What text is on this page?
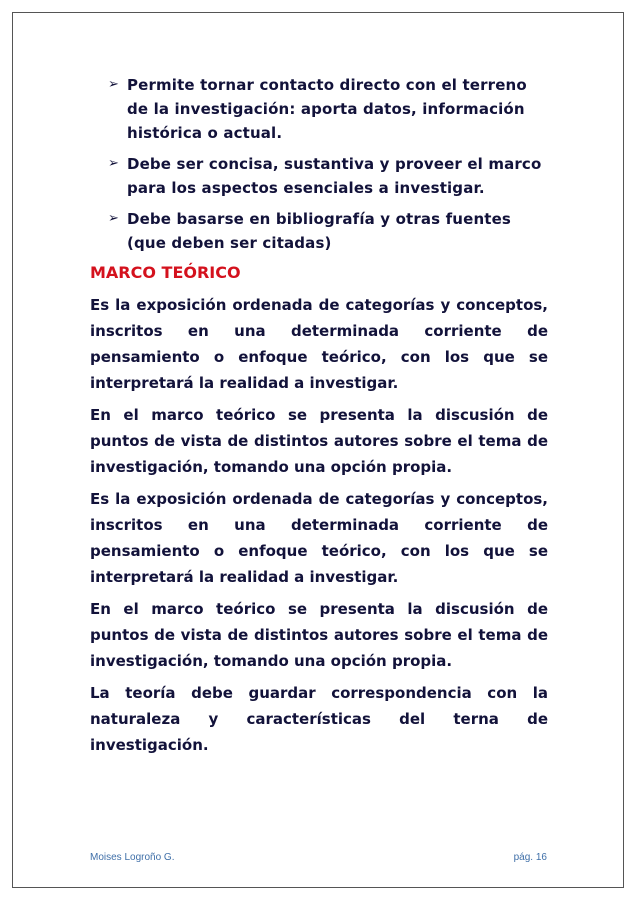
➢ Permite tornar contacto directo con el terreno de la investigación: aporta datos, información histórica o actual.
➢ Debe ser concisa, sustantiva y proveer el marco para los aspectos esenciales a investigar.
➢ Debe basarse en bibliografía y otras fuentes (que deben ser citadas)
MARCO TEÓRICO

Es la exposición ordenada de categorías y conceptos, inscritos en una determinada corriente de pensamiento o enfoque teórico, con los que se interpretará la realidad a investigar.

En el marco teórico se presenta la discusión de puntos de vista de distintos autores sobre el tema de investigación, tomando una opción propia.

Es la exposición ordenada de categorías y conceptos, inscritos en una determinada corriente de pensamiento o enfoque teórico, con los que se interpretará la realidad a investigar.

En el marco teórico se presenta la discusión de puntos de vista de distintos autores sobre el tema de investigación, tomando una opción propia.

La teoría debe guardar correspondencia con la naturaleza y características del terna de investigación.

Moises Logroño G.	pág. 16
